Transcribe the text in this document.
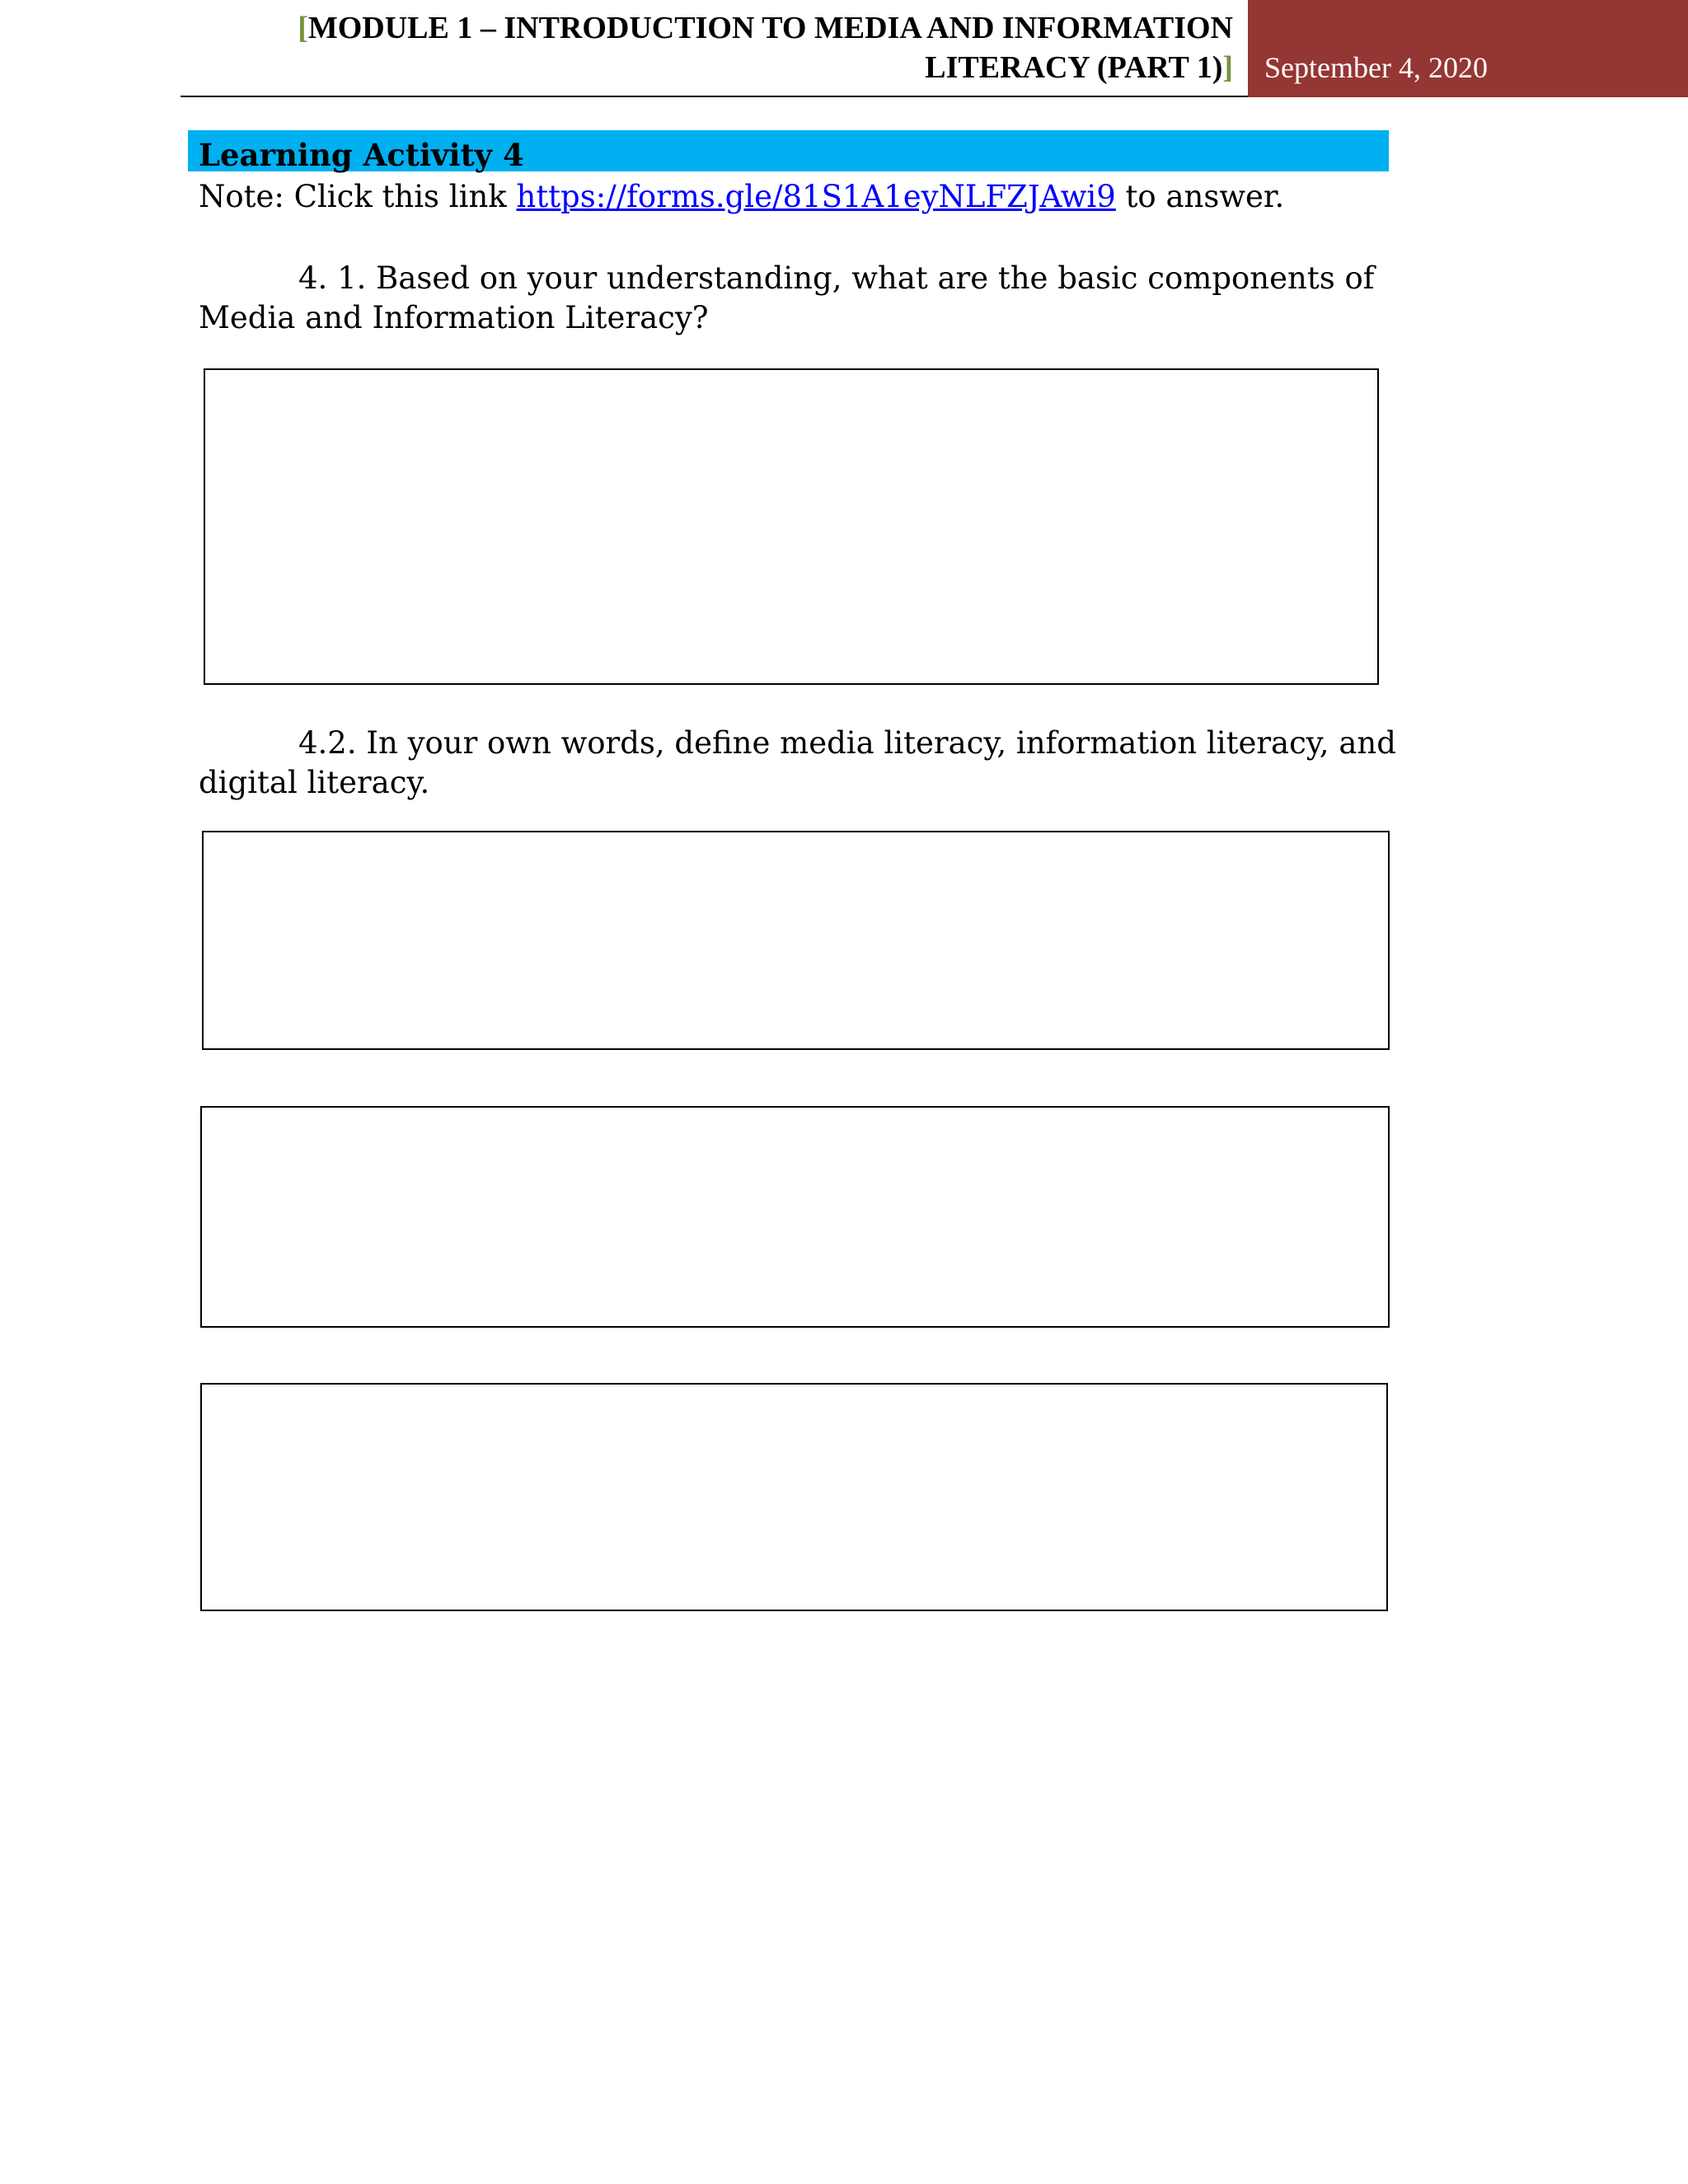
[MODULE 1 – INTRODUCTION TO MEDIA AND INFORMATION
LITERACY (PART 1)] September 4, 2020
Learning Activity 4
Note: Click this link https://forms.gle/81S1A1eyNLFZJAwi9 to answer.
4. 1. Based on your understanding, what are the basic components of Media and Information Literacy?
4.2. In your own words, define media literacy, information literacy, and digital literacy.
